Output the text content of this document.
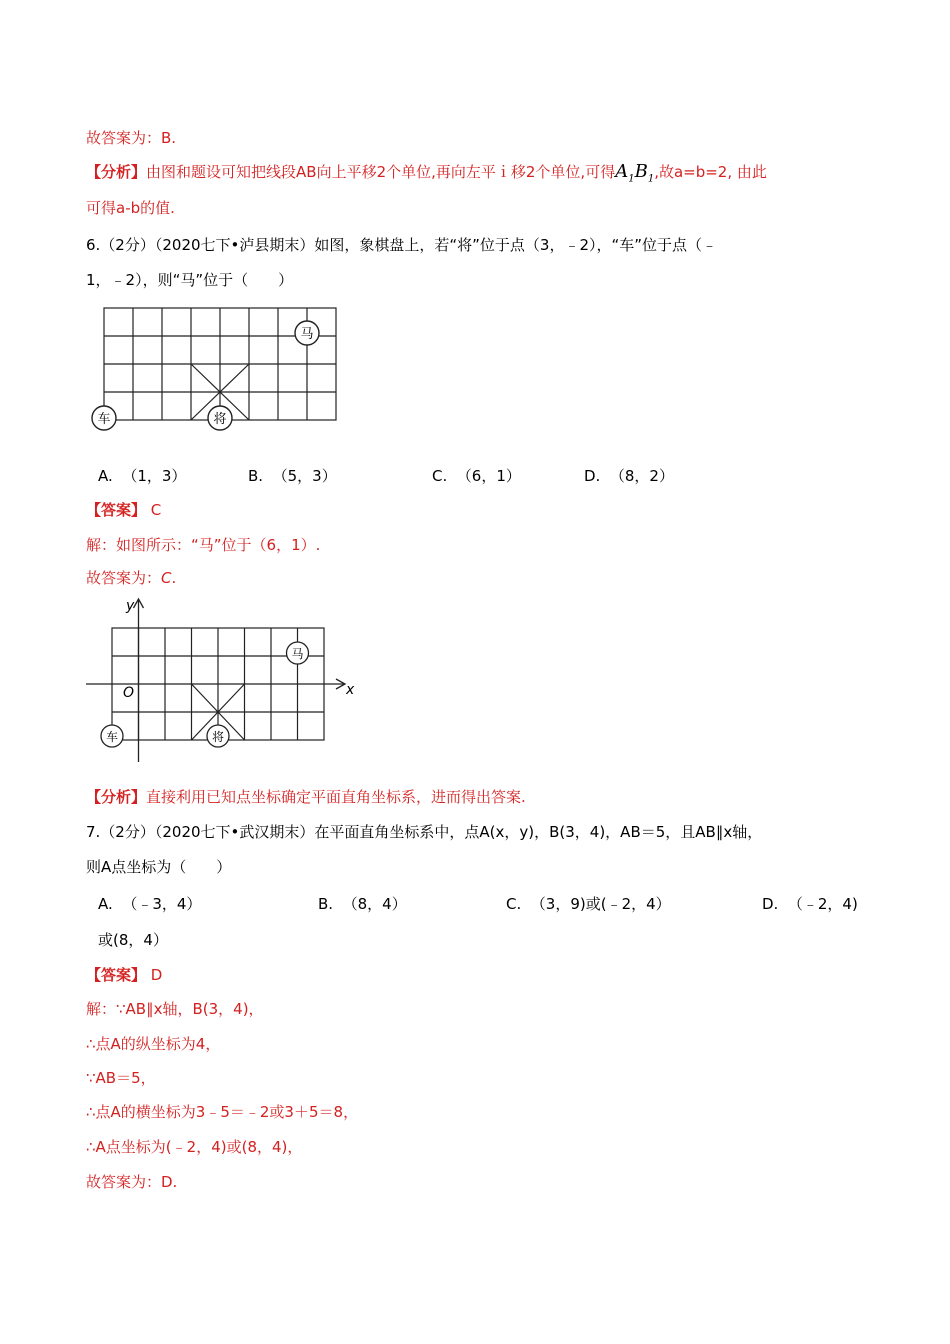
故答案为：B.
【分析】由图和题设可知把线段AB向上平移2个单位,再向左平ｉ移2个单位,可得$A_1B_1$,故a=b=2, 由此
可得a-b的值.
6.（2分）（2020七下•泸县期末）如图，象棋盘上，若“将”位于点（3，﹣2），“车”位于点（﹣
1，﹣2），则“马”位于（　　）
马
车	将
A. （1，3）	B. （5，3）	C. （6，1）	D. （8，2）
【答案】 C
解：如图所示：“马”位于（6，1）.
故答案为：C.
y
x
O
马
车	将
【分析】直接利用已知点坐标确定平面直角坐标系，进而得出答案.
7.（2分）（2020七下•武汉期末）在平面直角坐标系中，点A(x，y)，B(3，4)，AB＝5，且AB∥x轴，
则A点坐标为（　　）
A. （﹣3，4）	B. （8，4）	C. （3，9)或(﹣2，4）	D. （﹣2，4)
或(8，4）
【答案】 D
解：∵AB∥x轴，B(3，4)，
∴点A的纵坐标为4，
∵AB＝5，
∴点A的横坐标为3﹣5＝﹣2或3＋5＝8，
∴A点坐标为(﹣2，4)或(8，4)，
故答案为：D.
